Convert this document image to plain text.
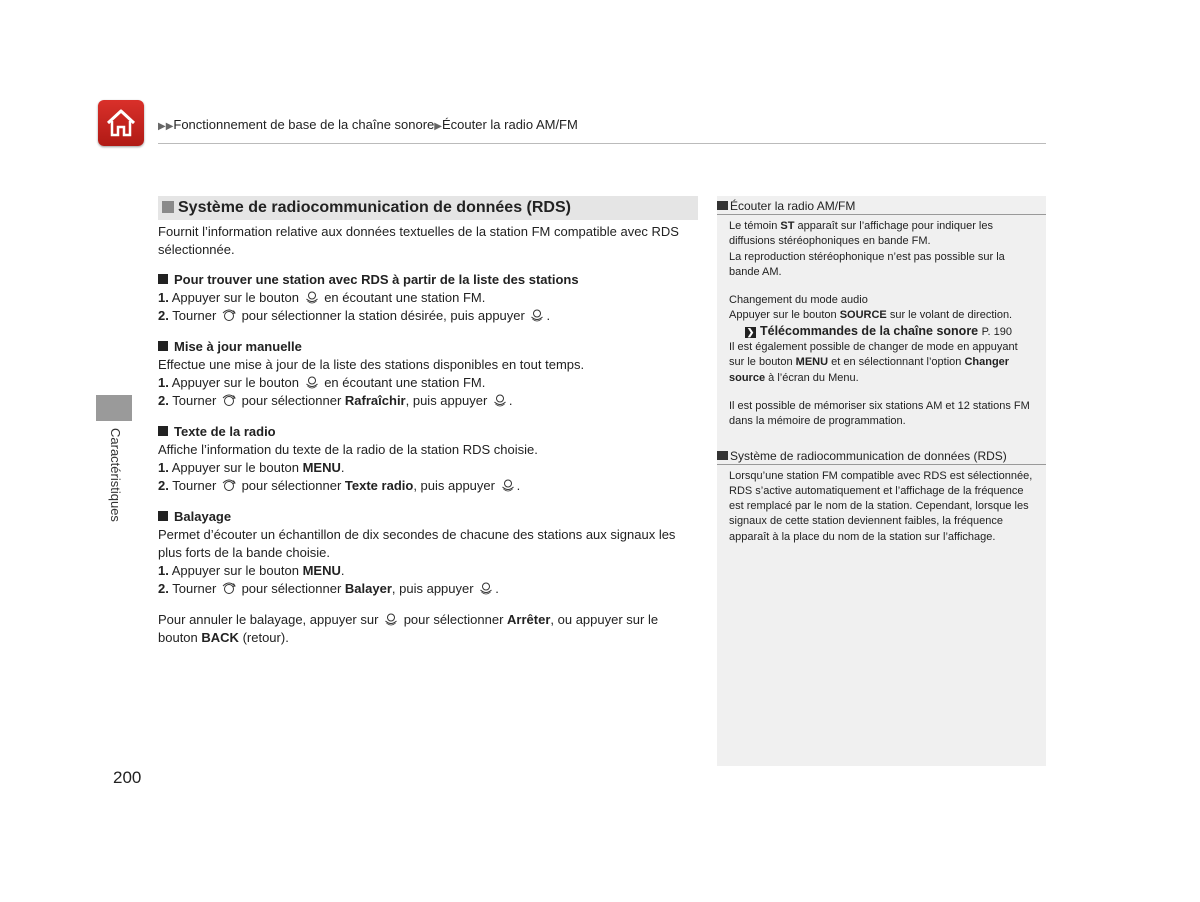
▶▶Fonctionnement de base de la chaîne sonore▶Écouter la radio AM/FM
Caractéristiques
Système de radiocommunication de données (RDS)

Fournit l’information relative aux données textuelles de la station FM compatible avec RDS sélectionnée.

Pour trouver une station avec RDS à partir de la liste des stations

1. Appuyer sur le bouton en écoutant une station FM.

2. Tourner pour sélectionner la station désirée, puis appuyer .

Mise à jour manuelle

Effectue une mise à jour de la liste des stations disponibles en tout temps.

1. Appuyer sur le bouton en écoutant une station FM.

2. Tourner pour sélectionner Rafraîchir, puis appuyer .

Texte de la radio

Affiche l’information du texte de la radio de la station RDS choisie.

1. Appuyer sur le bouton MENU.

2. Tourner pour sélectionner Texte radio, puis appuyer .

Balayage

Permet d’écouter un échantillon de dix secondes de chacune des stations aux signaux les plus forts de la bande choisie.

1. Appuyer sur le bouton MENU.

2. Tourner pour sélectionner Balayer, puis appuyer .

Pour annuler le balayage, appuyer sur pour sélectionner Arrêter, ou appuyer sur le bouton BACK (retour).

Écouter la radio AM/FM

Le témoin ST apparaît sur l’affichage pour indiquer les diffusions stéréophoniques en bande FM.

La reproduction stéréophonique n’est pas possible sur la bande AM.

Changement du mode audio

Appuyer sur le bouton SOURCE sur le volant de direction.

❯ Télécommandes de la chaîne sonore P. 190

Il est également possible de changer de mode en appuyant sur le bouton MENU et en sélectionnant l’option Changer source à l’écran du Menu.

Il est possible de mémoriser six stations AM et 12 stations FM dans la mémoire de programmation.

Système de radiocommunication de données (RDS)

Lorsqu’une station FM compatible avec RDS est sélectionnée, RDS s’active automatiquement et l’affichage de la fréquence est remplacé par le nom de la station. Cependant, lorsque les signaux de cette station deviennent faibles, la fréquence apparaît à la place du nom de la station sur l’affichage.

200
